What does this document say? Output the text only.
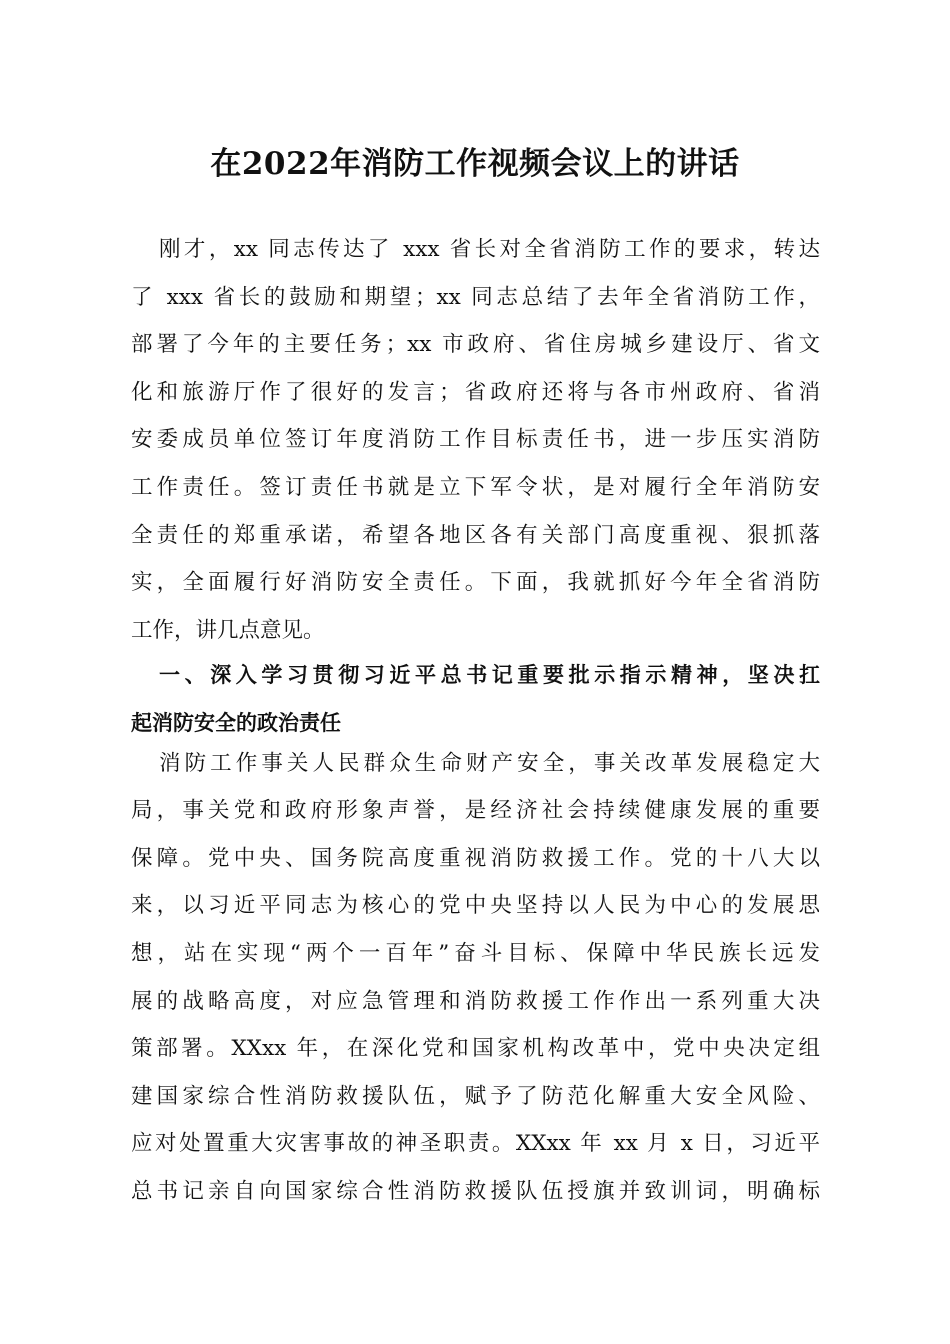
在2022年消防工作视频会议上的讲话
刚才，xx 同志传达了 xxx 省长对全省消防工作的要求，转达
了 xxx 省长的鼓励和期望；xx 同志总结了去年全省消防工作，
部署了今年的主要任务；xx 市政府、省住房城乡建设厅、省文
化和旅游厅作了很好的发言；省政府还将与各市州政府、省消
安委成员单位签订年度消防工作目标责任书，进一步压实消防
工作责任。签订责任书就是立下军令状，是对履行全年消防安
全责任的郑重承诺，希望各地区各有关部门高度重视、狠抓落
实，全面履行好消防安全责任。下面，我就抓好今年全省消防
工作，讲几点意见。
一、深入学习贯彻习近平总书记重要批示指示精神，坚决扛
起消防安全的政治责任
消防工作事关人民群众生命财产安全，事关改革发展稳定大
局，事关党和政府形象声誉，是经济社会持续健康发展的重要
保障。党中央、国务院高度重视消防救援工作。党的十八大以
来，以习近平同志为核心的党中央坚持以人民为中心的发展思
想，站在实现“两个一百年”奋斗目标、保障中华民族长远发
展的战略高度，对应急管理和消防救援工作作出一系列重大决
策部署。XXxx 年，在深化党和国家机构改革中，党中央决定组
建国家综合性消防救援队伍，赋予了防范化解重大安全风险、
应对处置重大灾害事故的神圣职责。XXxx 年 xx 月 x 日，习近平
总书记亲自向国家综合性消防救援队伍授旗并致训词，明确标
